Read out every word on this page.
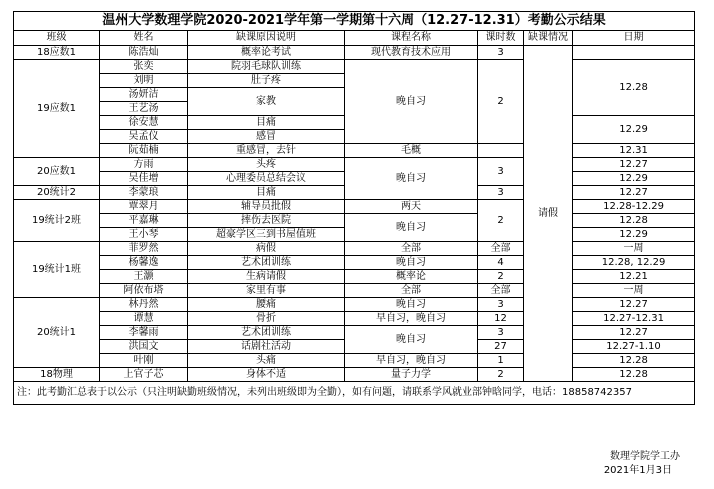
温州大学数理学院2020-2021学年第一学期第十六周（12.27-12.31）考勤公示结果						
班级	姓名	缺课原因说明	课程名称	课时数	缺课情况	日期
18应数1	陈浩灿	概率论考试	现代教育技术应用	3	请假	
19应数1	张奕	院羽毛球队训练	晚自习	2		12.28
	刘明	肚子疼				
	汤妍洁	家教				
	王艺汤					
	徐安慧	目痛				12.29
	吴孟仪	感冒				
	阮茹楠	重感冒，去针	毛概			12.31
20应数1	方雨	头疼	晚自习	3		12.27
	吴佳增	心理委员总结会议				12.29
20统计2	李蒙琅	目痛		3		12.27
19统计2班	覃翠月	辅导员批假	两天	2		12.28-12.29
	平嘉琳	摔伤去医院	晚自习			12.28
	王小琴	超豪学区三到书屋值班				12.29
19统计1班	菲罗然	病假	全部	全部		一周
	杨馨逸	艺术团训练	晚自习	4		12.28, 12.29
	王灏	生病请假	概率论	2		12.21
	阿依布塔	家里有事	全部	全部		一周
20统计1	林丹然	腰痛	晚自习	3		12.27
	谭慧	骨折	早自习，晚自习	12		12.27-12.31
	李馨雨	艺术团训练	晚自习	3		12.27
	洪国文	话剧社活动		27		12.27-1.10
	叶刚	头痛	早自习，晚自习	1		12.28
18物理	上官子芯	身体不适	量子力学	2		12.28
注：此考勤汇总表于以公示（只注明缺勤班级情况，未列出班级即为全勤），如有问题，请联系学风就业部钟晗同学，电话：18858742357						
数理学院学工办
2021年1月3日
